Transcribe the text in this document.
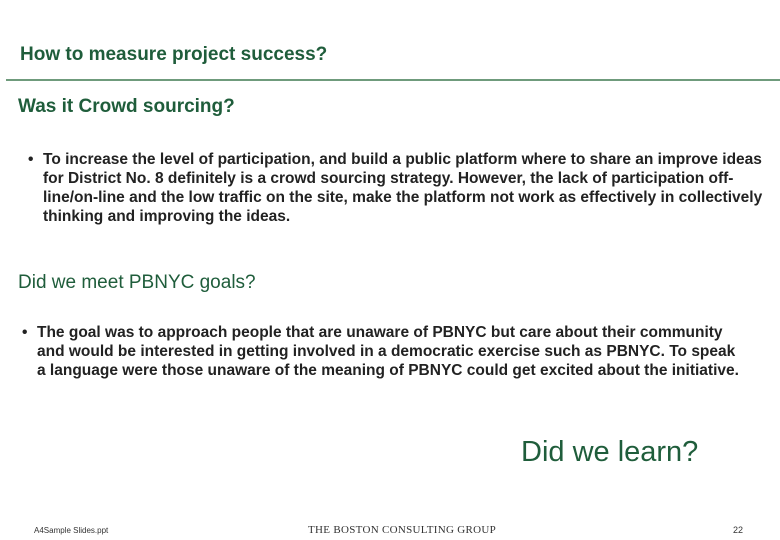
How to measure project success?
Was it Crowd sourcing?
• To increase the level of participation, and build a public platform where to share an improve ideas for District No. 8 definitely is a crowd sourcing strategy. However, the lack of participation off-line/on-line and the low traffic on the site, make the platform not work as effectively in collectively thinking and improving the ideas.
Did we meet PBNYC goals?
• The goal was to approach people that are unaware of PBNYC but care about their community and would be interested in getting involved in a democratic exercise such as PBNYC. To speak a language were those unaware of the meaning of PBNYC could get excited about the initiative.
Did we learn?
A4Sample Slides.ppt	THE BOSTON CONSULTING GROUP	22
